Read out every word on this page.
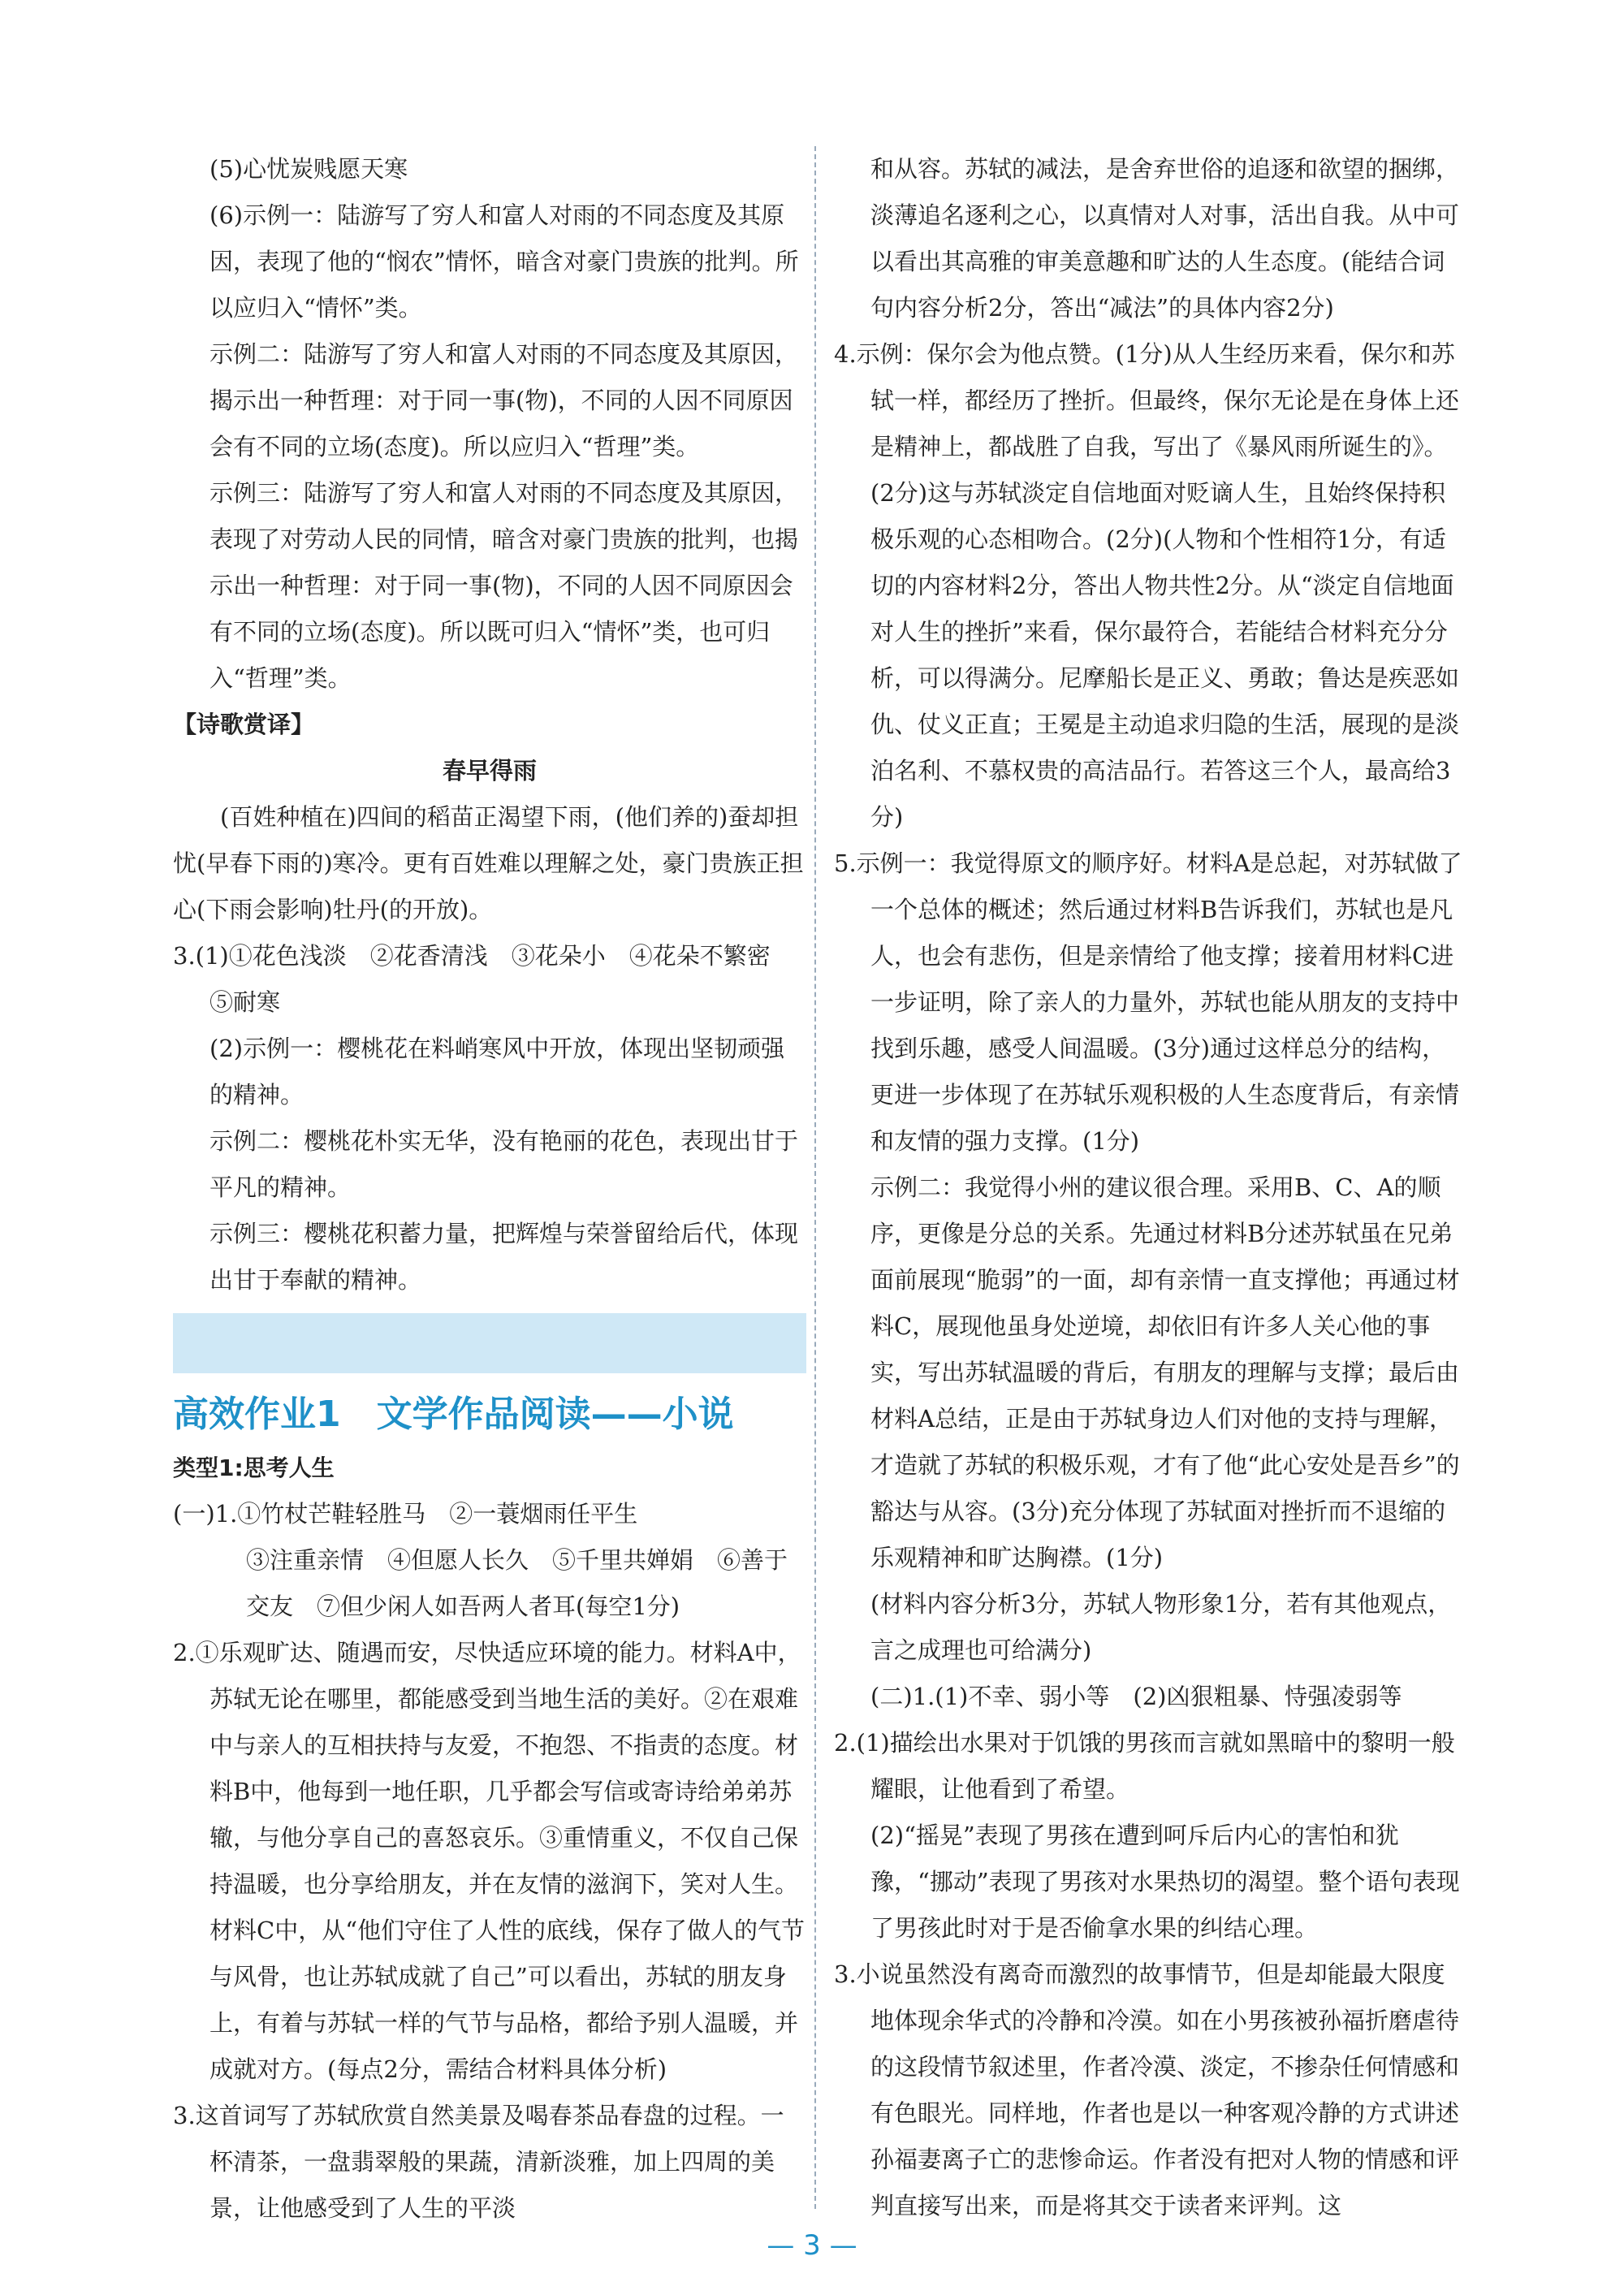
(5)心忧炭贱愿天寒

(6)示例一：陆游写了穷人和富人对雨的不同态度及其原因，表现了他的“悯农”情怀，暗含对豪门贵族的批判。所以应归入“情怀”类。

示例二：陆游写了穷人和富人对雨的不同态度及其原因，揭示出一种哲理：对于同一事(物)，不同的人因不同原因会有不同的立场(态度)。所以应归入“哲理”类。

示例三：陆游写了穷人和富人对雨的不同态度及其原因，表现了对劳动人民的同情，暗含对豪门贵族的批判，也揭示出一种哲理：对于同一事(物)，不同的人因不同原因会有不同的立场(态度)。所以既可归入“情怀”类，也可归入“哲理”类。

【诗歌赏译】

春早得雨

(百姓种植在)四间的稻苗正渴望下雨，(他们养的)蚕却担忧(早春下雨的)寒冷。更有百姓难以理解之处，豪门贵族正担心(下雨会影响)牡丹(的开放)。

3.(1)①花色浅淡　②花香清浅　③花朵小　④花朵不繁密　⑤耐寒

(2)示例一：樱桃花在料峭寒风中开放，体现出坚韧顽强的精神。

示例二：樱桃花朴实无华，没有艳丽的花色，表现出甘于平凡的精神。

示例三：樱桃花积蓄力量，把辉煌与荣誉留给后代，体现出甘于奉献的精神。

高效作业1　文学作品阅读——小说

类型1:思考人生

(一)1.①竹杖芒鞋轻胜马　②一蓑烟雨任平生

③注重亲情　④但愿人长久　⑤千里共婵娟　⑥善于交友　⑦但少闲人如吾两人者耳(每空1分)

2.①乐观旷达、随遇而安，尽快适应环境的能力。材料A中，苏轼无论在哪里，都能感受到当地生活的美好。②在艰难中与亲人的互相扶持与友爱，不抱怨、不指责的态度。材料B中，他每到一地任职，几乎都会写信或寄诗给弟弟苏辙，与他分享自己的喜怒哀乐。③重情重义，不仅自己保持温暖，也分享给朋友，并在友情的滋润下，笑对人生。材料C中，从“他们守住了人性的底线，保存了做人的气节与风骨，也让苏轼成就了自己”可以看出，苏轼的朋友身上，有着与苏轼一样的气节与品格，都给予别人温暖，并成就对方。(每点2分，需结合材料具体分析)

3.这首词写了苏轼欣赏自然美景及喝春茶品春盘的过程。一杯清茶，一盘翡翠般的果蔬，清新淡雅，加上四周的美景，让他感受到了人生的平淡

和从容。苏轼的减法，是舍弃世俗的追逐和欲望的捆绑，淡薄追名逐利之心，以真情对人对事，活出自我。从中可以看出其高雅的审美意趣和旷达的人生态度。(能结合词句内容分析2分，答出“减法”的具体内容2分)

4.示例：保尔会为他点赞。(1分)从人生经历来看，保尔和苏轼一样，都经历了挫折。但最终，保尔无论是在身体上还是精神上，都战胜了自我，写出了《暴风雨所诞生的》。(2分)这与苏轼淡定自信地面对贬谪人生，且始终保持积极乐观的心态相吻合。(2分)(人物和个性相符1分，有适切的内容材料2分，答出人物共性2分。从“淡定自信地面对人生的挫折”来看，保尔最符合，若能结合材料充分分析，可以得满分。尼摩船长是正义、勇敢；鲁达是疾恶如仇、仗义正直；王冕是主动追求归隐的生活，展现的是淡泊名利、不慕权贵的高洁品行。若答这三个人，最高给3分)

5.示例一：我觉得原文的顺序好。材料A是总起，对苏轼做了一个总体的概述；然后通过材料B告诉我们，苏轼也是凡人，也会有悲伤，但是亲情给了他支撑；接着用材料C进一步证明，除了亲人的力量外，苏轼也能从朋友的支持中找到乐趣，感受人间温暖。(3分)通过这样总分的结构，更进一步体现了在苏轼乐观积极的人生态度背后，有亲情和友情的强力支撑。(1分)

示例二：我觉得小州的建议很合理。采用B、C、A的顺序，更像是分总的关系。先通过材料B分述苏轼虽在兄弟面前展现“脆弱”的一面，却有亲情一直支撑他；再通过材料C，展现他虽身处逆境，却依旧有许多人关心他的事实，写出苏轼温暖的背后，有朋友的理解与支撑；最后由材料A总结，正是由于苏轼身边人们对他的支持与理解，才造就了苏轼的积极乐观，才有了他“此心安处是吾乡”的豁达与从容。(3分)充分体现了苏轼面对挫折而不退缩的乐观精神和旷达胸襟。(1分)

(材料内容分析3分，苏轼人物形象1分，若有其他观点，言之成理也可给满分)

(二)1.(1)不幸、弱小等　(2)凶狠粗暴、恃强凌弱等

2.(1)描绘出水果对于饥饿的男孩而言就如黑暗中的黎明一般耀眼，让他看到了希望。

(2)“摇晃”表现了男孩在遭到呵斥后内心的害怕和犹豫，“挪动”表现了男孩对水果热切的渴望。整个语句表现了男孩此时对于是否偷拿水果的纠结心理。

3.小说虽然没有离奇而激烈的故事情节，但是却能最大限度地体现余华式的冷静和冷漠。如在小男孩被孙福折磨虐待的这段情节叙述里，作者冷漠、淡定，不掺杂任何情感和有色眼光。同样地，作者也是以一种客观冷静的方式讲述孙福妻离子亡的悲惨命运。作者没有把对人物的情感和评判直接写出来，而是将其交于读者来评判。这

— 3 —
